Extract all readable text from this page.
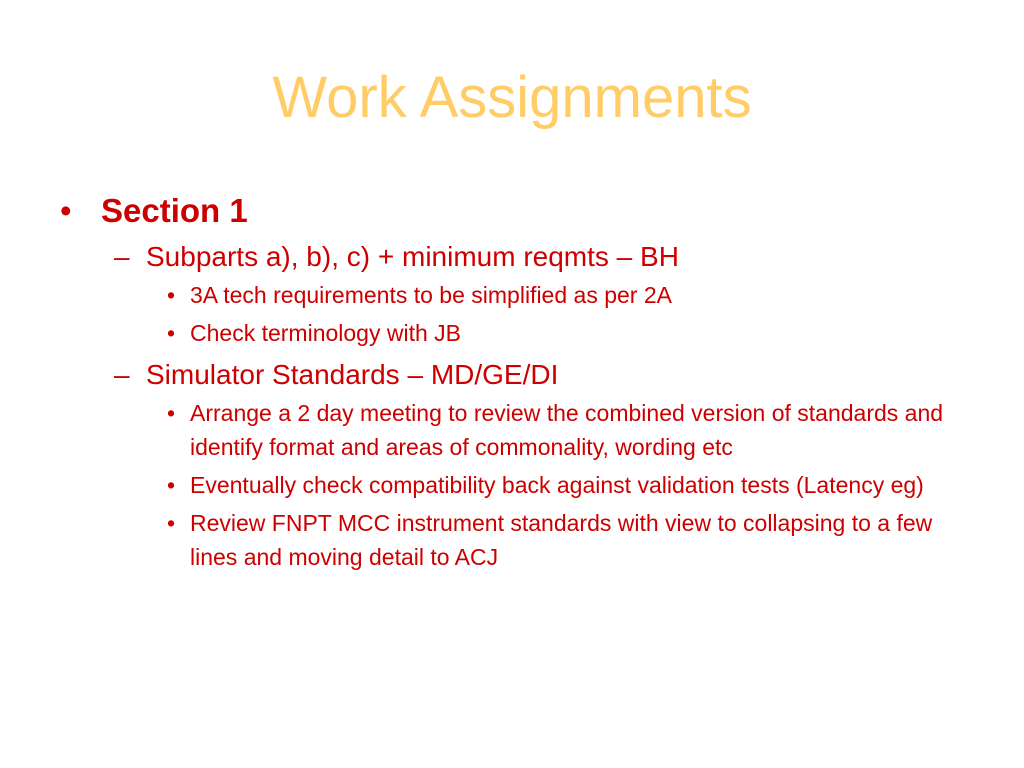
Work Assignments

• Section 1

– Subparts a), b), c) + minimum reqmts – BH

• 3A tech requirements to be simplified as per 2A

• Check terminology with JB

– Simulator Standards – MD/GE/DI

• Arrange a 2 day meeting to review the combined version of standards and identify format and areas of commonality, wording etc

• Eventually check compatibility back against validation tests (Latency eg)

• Review FNPT MCC instrument standards with view to collapsing to a few lines and moving detail to ACJ
